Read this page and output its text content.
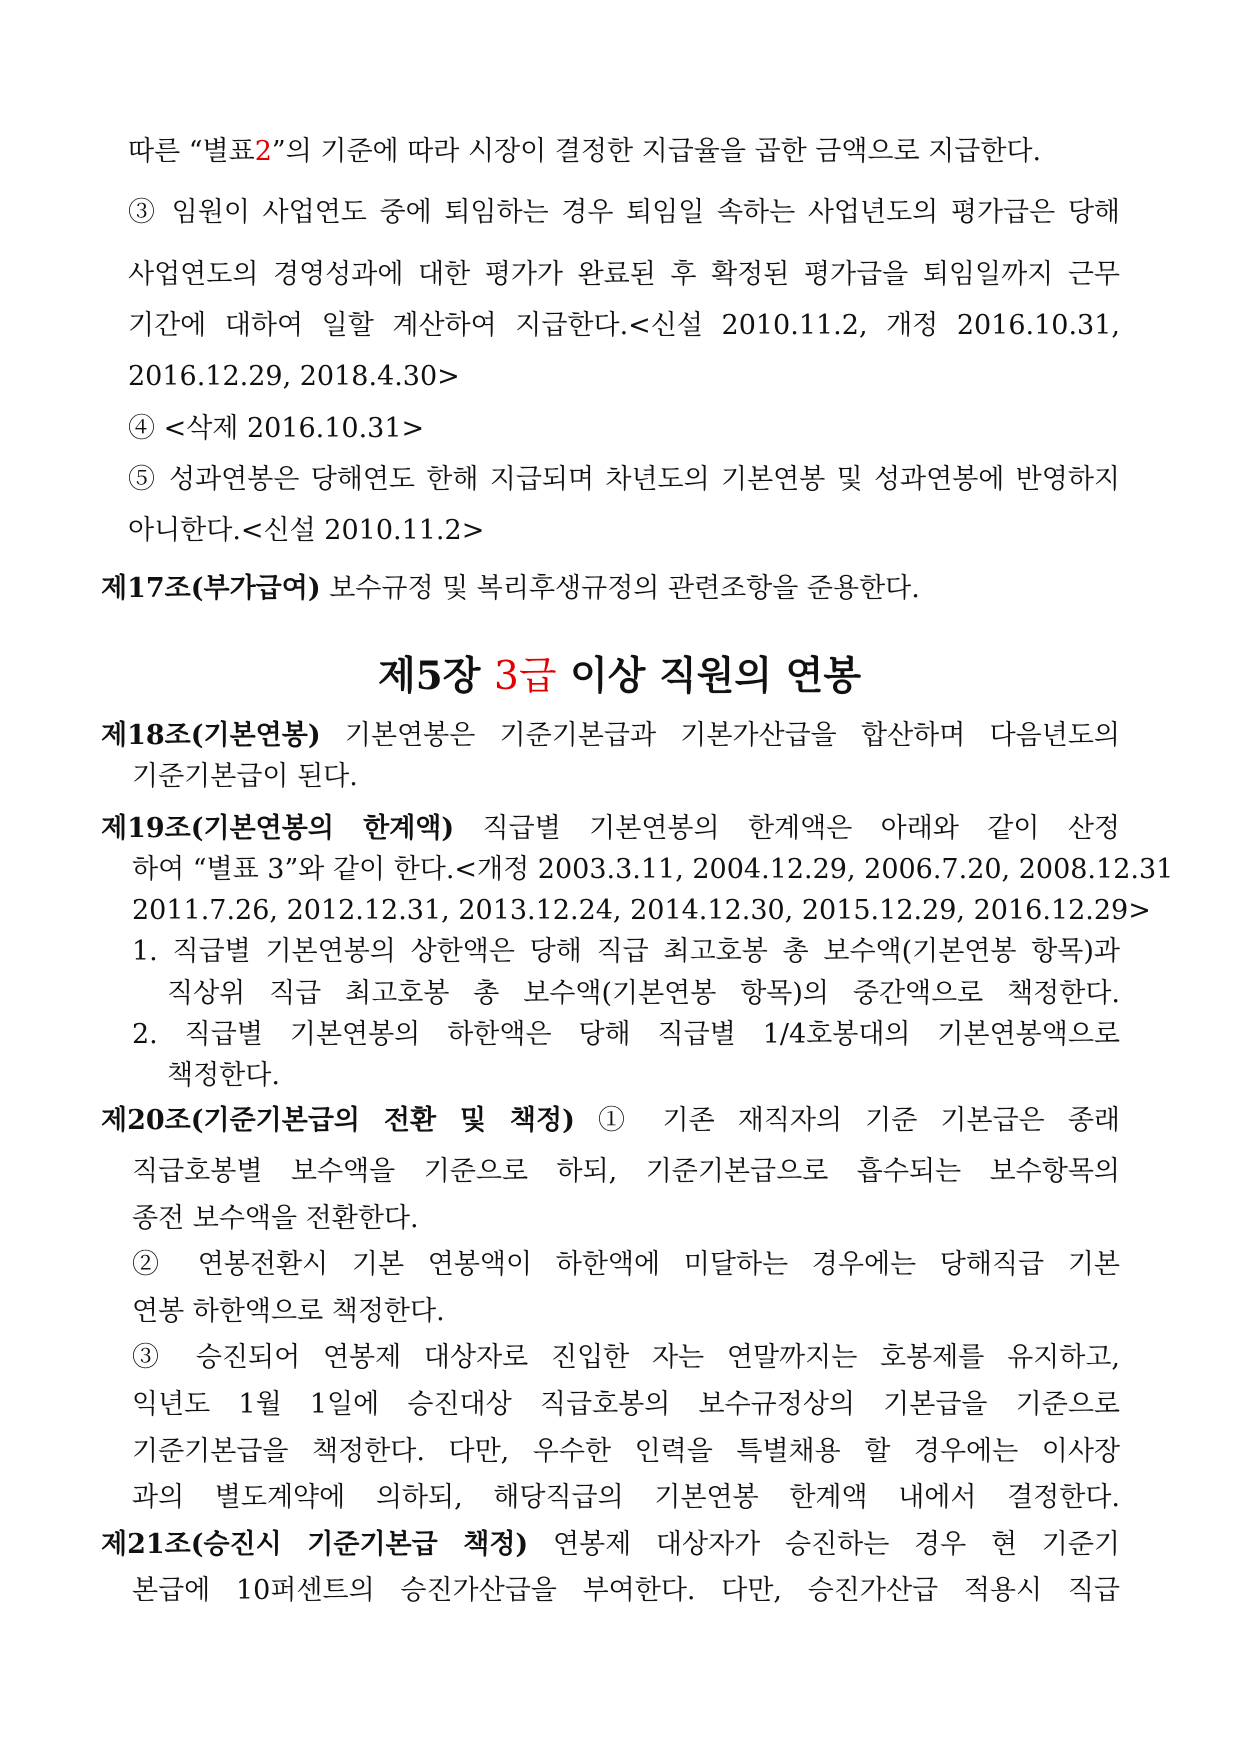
따른 “별표2”의 기준에 따라 시장이 결정한 지급율을 곱한 금액으로 지급한다.
③ 임원이 사업연도 중에 퇴임하는 경우 퇴임일 속하는 사업년도의 평가급은 당해
사업연도의 경영성과에 대한 평가가 완료된 후 확정된 평가급을 퇴임일까지 근무
기간에 대하여 일할 계산하여 지급한다.<신설 2010.11.2, 개정 2016.10.31,
2016.12.29, 2018.4.30>
④ <삭제 2016.10.31>
⑤ 성과연봉은 당해연도 한해 지급되며 차년도의 기본연봉 및 성과연봉에 반영하지
아니한다.<신설 2010.11.2>
제17조(부가급여) 보수규정 및 복리후생규정의 관련조항을 준용한다.
제5장 3급 이상 직원의 연봉
제18조(기본연봉) 기본연봉은 기준기본급과 기본가산급을 합산하며 다음년도의
기준기본급이 된다.
제19조(기본연봉의 한계액) 직급별 기본연봉의 한계액은 아래와 같이 산정
하여 “별표 3”와 같이 한다.<개정 2003.3.11, 2004.12.29, 2006.7.20, 2008.12.31
2011.7.26, 2012.12.31, 2013.12.24, 2014.12.30, 2015.12.29, 2016.12.29>
1. 직급별 기본연봉의 상한액은 당해 직급 최고호봉 총 보수액(기본연봉 항목)과
직상위 직급 최고호봉 총 보수액(기본연봉 항목)의 중간액으로 책정한다.
2. 직급별 기본연봉의 하한액은 당해 직급별 1/4호봉대의 기본연봉액으로
책정한다.
제20조(기준기본급의 전환 및 책정) ① 기존 재직자의 기준 기본급은 종래
직급호봉별 보수액을 기준으로 하되, 기준기본급으로 흡수되는 보수항목의
종전 보수액을 전환한다.
② 연봉전환시 기본 연봉액이 하한액에 미달하는 경우에는 당해직급 기본
연봉 하한액으로 책정한다.
③ 승진되어 연봉제 대상자로 진입한 자는 연말까지는 호봉제를 유지하고,
익년도 1월 1일에 승진대상 직급호봉의 보수규정상의 기본급을 기준으로
기준기본급을 책정한다. 다만, 우수한 인력을 특별채용 할 경우에는 이사장
과의 별도계약에 의하되, 해당직급의 기본연봉 한계액 내에서 결정한다.
제21조(승진시 기준기본급 책정) 연봉제 대상자가 승진하는 경우 현 기준기
본급에 10퍼센트의 승진가산급을 부여한다. 다만, 승진가산급 적용시 직급
